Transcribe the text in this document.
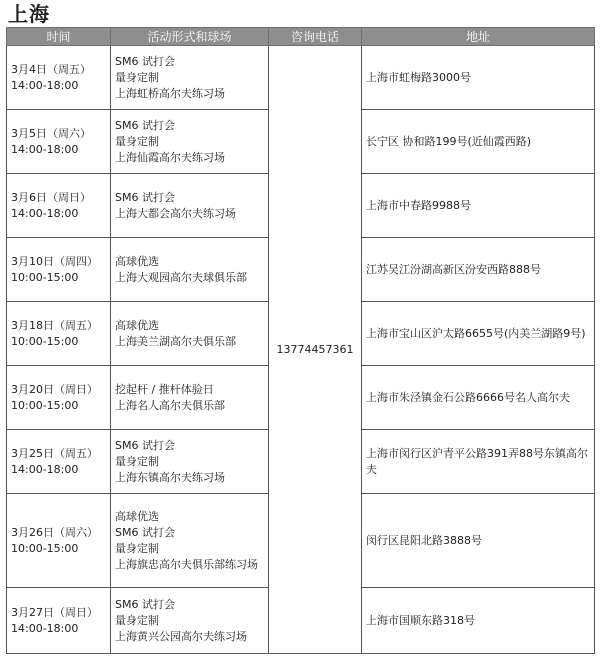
上海
时间	活动形式和球场	咨询电话	地址

3月4日（周五）
14:00-18:00	SM6 试打会
量身定制
上海虹桥高尔夫练习场	13774457361	上海市虹梅路3000号

3月5日（周六）
14:00-18:00	SM6 试打会
量身定制
上海仙霞高尔夫练习场		长宁区 协和路199号(近仙霞西路)

3月6日（周日）
14:00-18:00	SM6 试打会
上海大都会高尔夫练习场		上海市中春路9988号

3月10日（周四）
10:00-15:00	高球优选
上海大观园高尔夫球俱乐部		江苏吴江汾湖高新区汾安西路888号

3月18日（周五）
10:00-15:00	高球优选
上海美兰湖高尔夫俱乐部		上海市宝山区沪太路6655号(内美兰湖路9号)

3月20日（周日）
10:00-15:00	挖起杆 / 推杆体验日
上海名人高尔夫俱乐部		上海市朱泾镇金石公路6666号名人高尔夫

3月25日（周五）
14:00-18:00	SM6 试打会
量身定制
上海东镇高尔夫练习场		上海市闵行区沪青平公路391弄88号东镇高尔夫

3月26日（周六）
10:00-15:00	高球优选
SM6 试打会
量身定制
上海旗忠高尔夫俱乐部练习场		闵行区昆阳北路3888号

3月27日（周日）
14:00-18:00	SM6 试打会
量身定制
上海黄兴公园高尔夫练习场		上海市国顺东路318号
